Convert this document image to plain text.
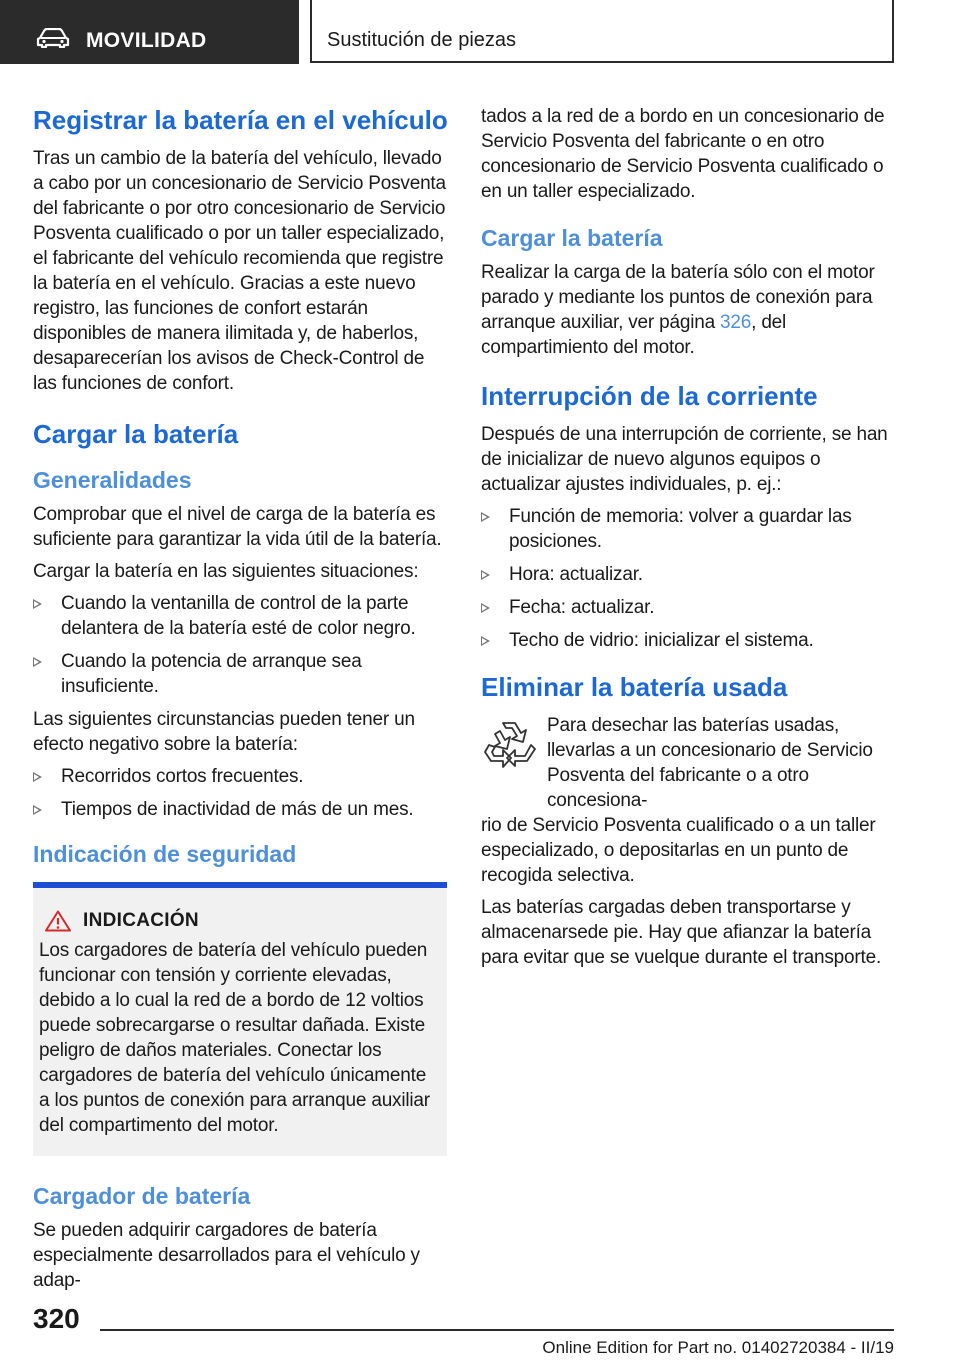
MOVILIDAD	Sustitución de piezas
Registrar la batería en el vehículo

Tras un cambio de la batería del vehículo, llevado a cabo por un concesionario de Servicio Posventa del fabricante o por otro concesionario de Servicio Posventa cualificado o por un taller especializado, el fabricante del vehículo recomienda que registre la batería en el vehículo. Gracias a este nuevo registro, las funciones de confort estarán disponibles de manera ilimitada y, de haberlos, desaparecerían los avisos de Check-Control de las funciones de confort.

Cargar la batería
Generalidades

Comprobar que el nivel de carga de la batería es suficiente para garantizar la vida útil de la batería.

Cargar la batería en las siguientes situaciones:

Cuando la ventanilla de control de la parte delantera de la batería esté de color negro.
Cuando la potencia de arranque sea insuficiente.

Las siguientes circunstancias pueden tener un efecto negativo sobre la batería:

Recorridos cortos frecuentes.
Tiempos de inactividad de más de un mes.
Indicación de seguridad
INDICACIÓN

Los cargadores de batería del vehículo pueden funcionar con tensión y corriente elevadas, debido a lo cual la red de a bordo de 12 voltios puede sobrecargarse o resultar dañada. Existe peligro de daños materiales. Conectar los cargadores de batería del vehículo únicamente a los puntos de conexión para arranque auxiliar del compartimento del motor.

Cargador de batería

Se pueden adquirir cargadores de batería especialmente desarrollados para el vehículo y adap-

tados a la red de a bordo en un concesionario de Servicio Posventa del fabricante o en otro concesionario de Servicio Posventa cualificado o en un taller especializado.

Cargar la batería

Realizar la carga de la batería sólo con el motor parado y mediante los puntos de conexión para arranque auxiliar, ver página 326, del compartimiento del motor.

Interrupción de la corriente

Después de una interrupción de corriente, se han de inicializar de nuevo algunos equipos o actualizar ajustes individuales, p. ej.:

Función de memoria: volver a guardar las posiciones.
Hora: actualizar.
Fecha: actualizar.
Techo de vidrio: inicializar el sistema.
Eliminar la batería usada

Para desechar las baterías usadas, llevarlas a un concesionario de Servicio Posventa del fabricante o a otro concesiona-

rio de Servicio Posventa cualificado o a un taller especializado, o depositarlas en un punto de recogida selectiva.

Las baterías cargadas deben transportarse y almacenarsede pie. Hay que afianzar la batería para evitar que se vuelque durante el transporte.

320
Online Edition for Part no. 01402720384 - II/19
